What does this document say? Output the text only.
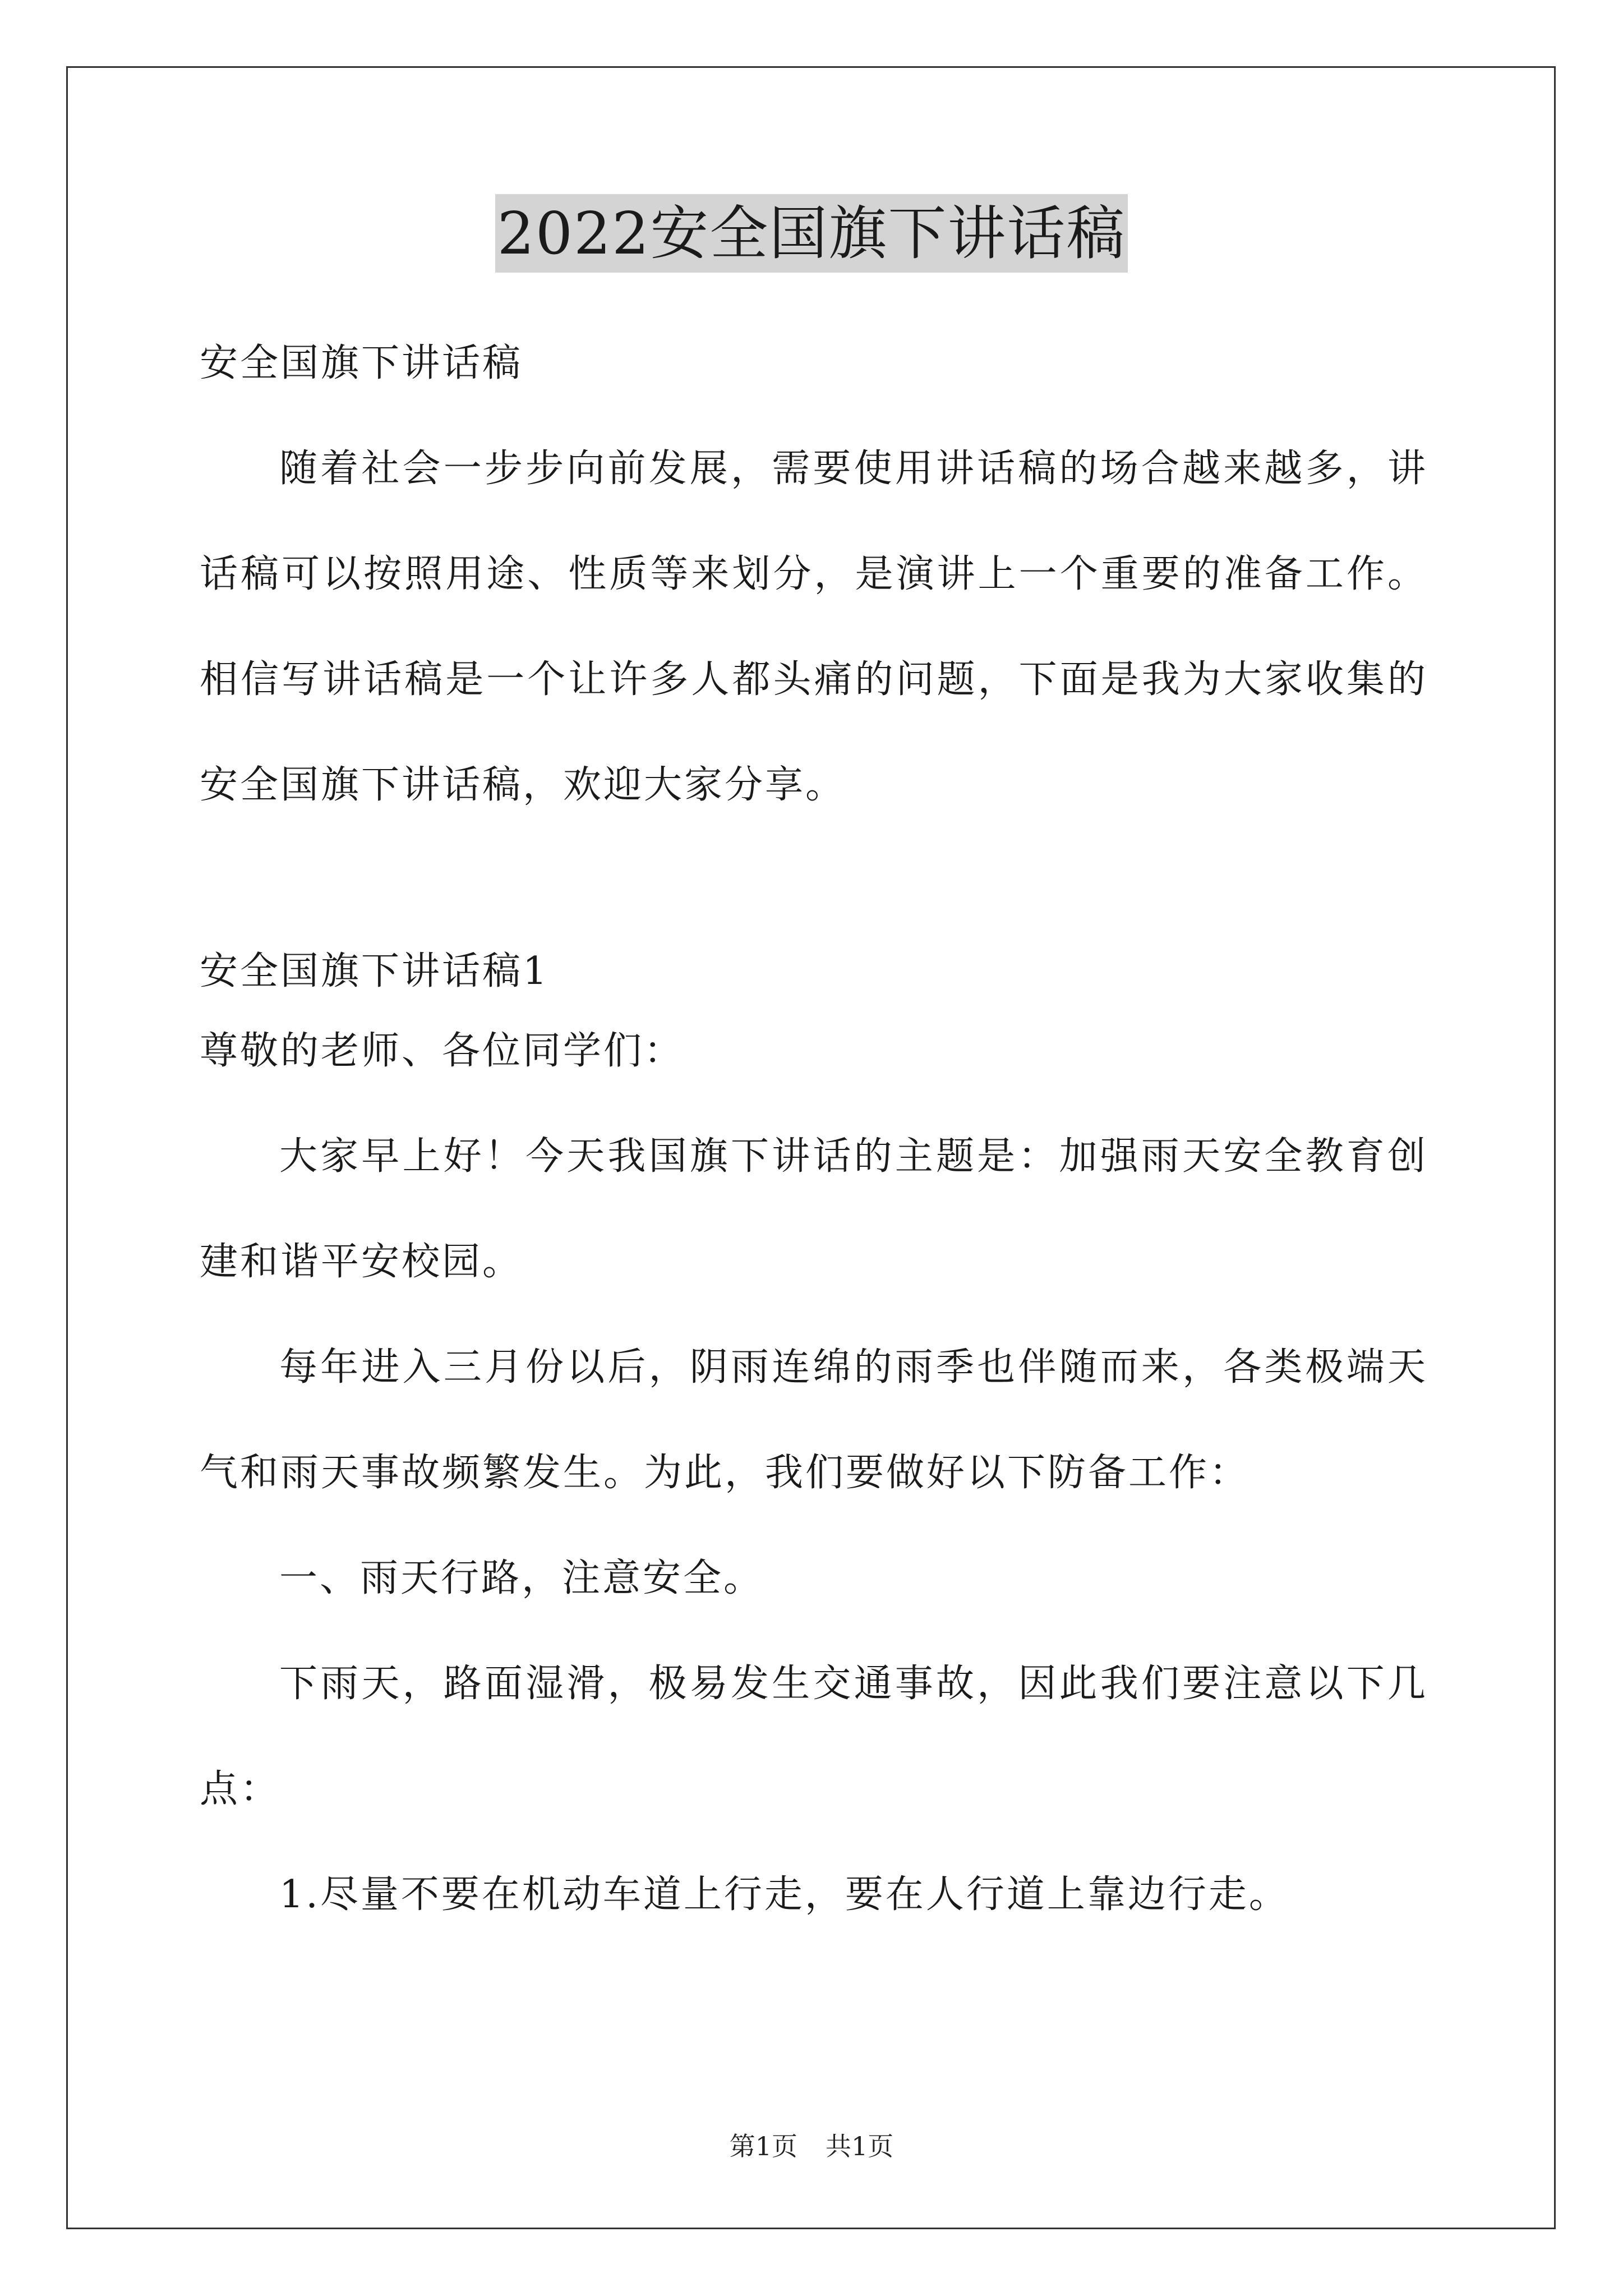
2022安全国旗下讲话稿
安全国旗下讲话稿

随着社会一步步向前发展，需要使用讲话稿的场合越来越多，讲话稿可以按照用途、性质等来划分，是演讲上一个重要的准备工作。相信写讲话稿是一个让许多人都头痛的问题，下面是我为大家收集的安全国旗下讲话稿，欢迎大家分享。

安全国旗下讲话稿1

尊敬的老师、各位同学们：

大家早上好！今天我国旗下讲话的主题是：加强雨天安全教育创建和谐平安校园。

每年进入三月份以后，阴雨连绵的雨季也伴随而来，各类极端天气和雨天事故频繁发生。为此，我们要做好以下防备工作：

一、雨天行路，注意安全。

下雨天，路面湿滑，极易发生交通事故，因此我们要注意以下几点：

1.尽量不要在机动车道上行走，要在人行道上靠边行走。

第1页 共1页
